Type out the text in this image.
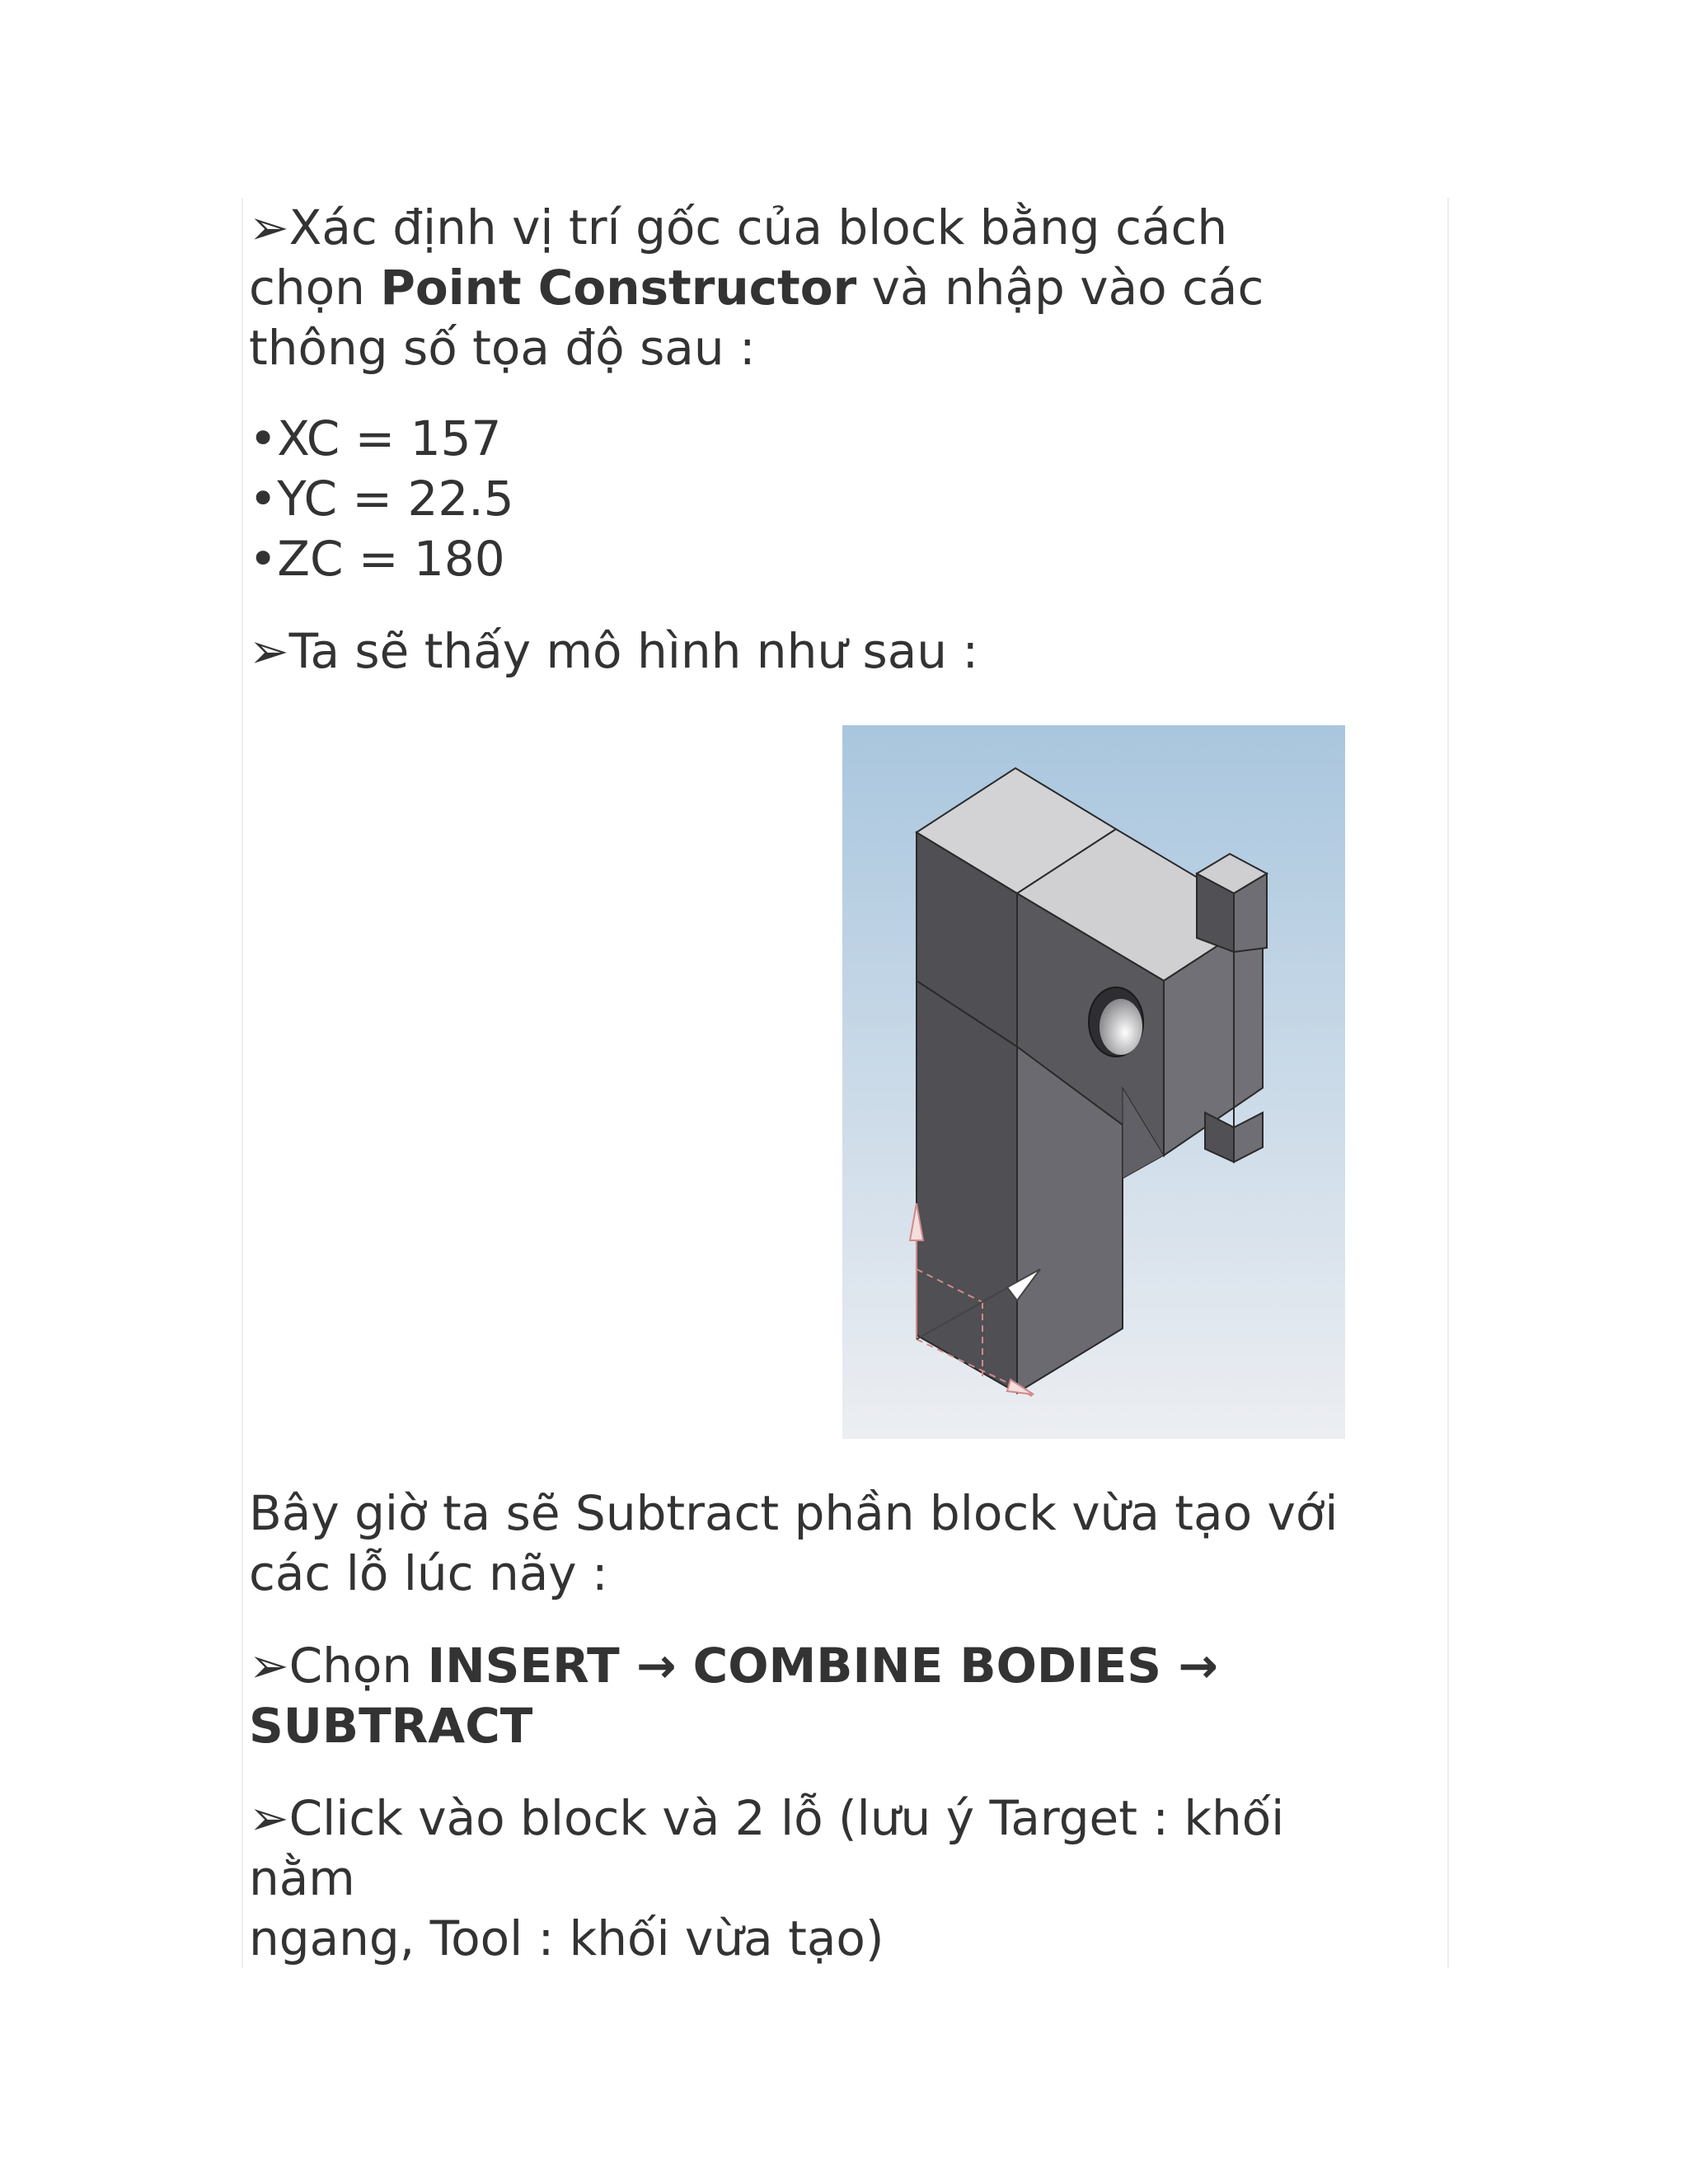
➢Xác định vị trí gốc của block bằng cách

chọn Point Constructor và nhập vào các

thông số tọa độ sau :

•XC = 157

•YC = 22.5

•ZC = 180

➢Ta sẽ thấy mô hình như sau :

Bây giờ ta sẽ Subtract phần block vừa tạo với

các lỗ lúc nãy :

➢Chọn INSERT → COMBINE BODIES →

SUBTRACT

➢Click vào block và 2 lỗ (lưu ý Target : khối

nằm

ngang, Tool : khối vừa tạo)
